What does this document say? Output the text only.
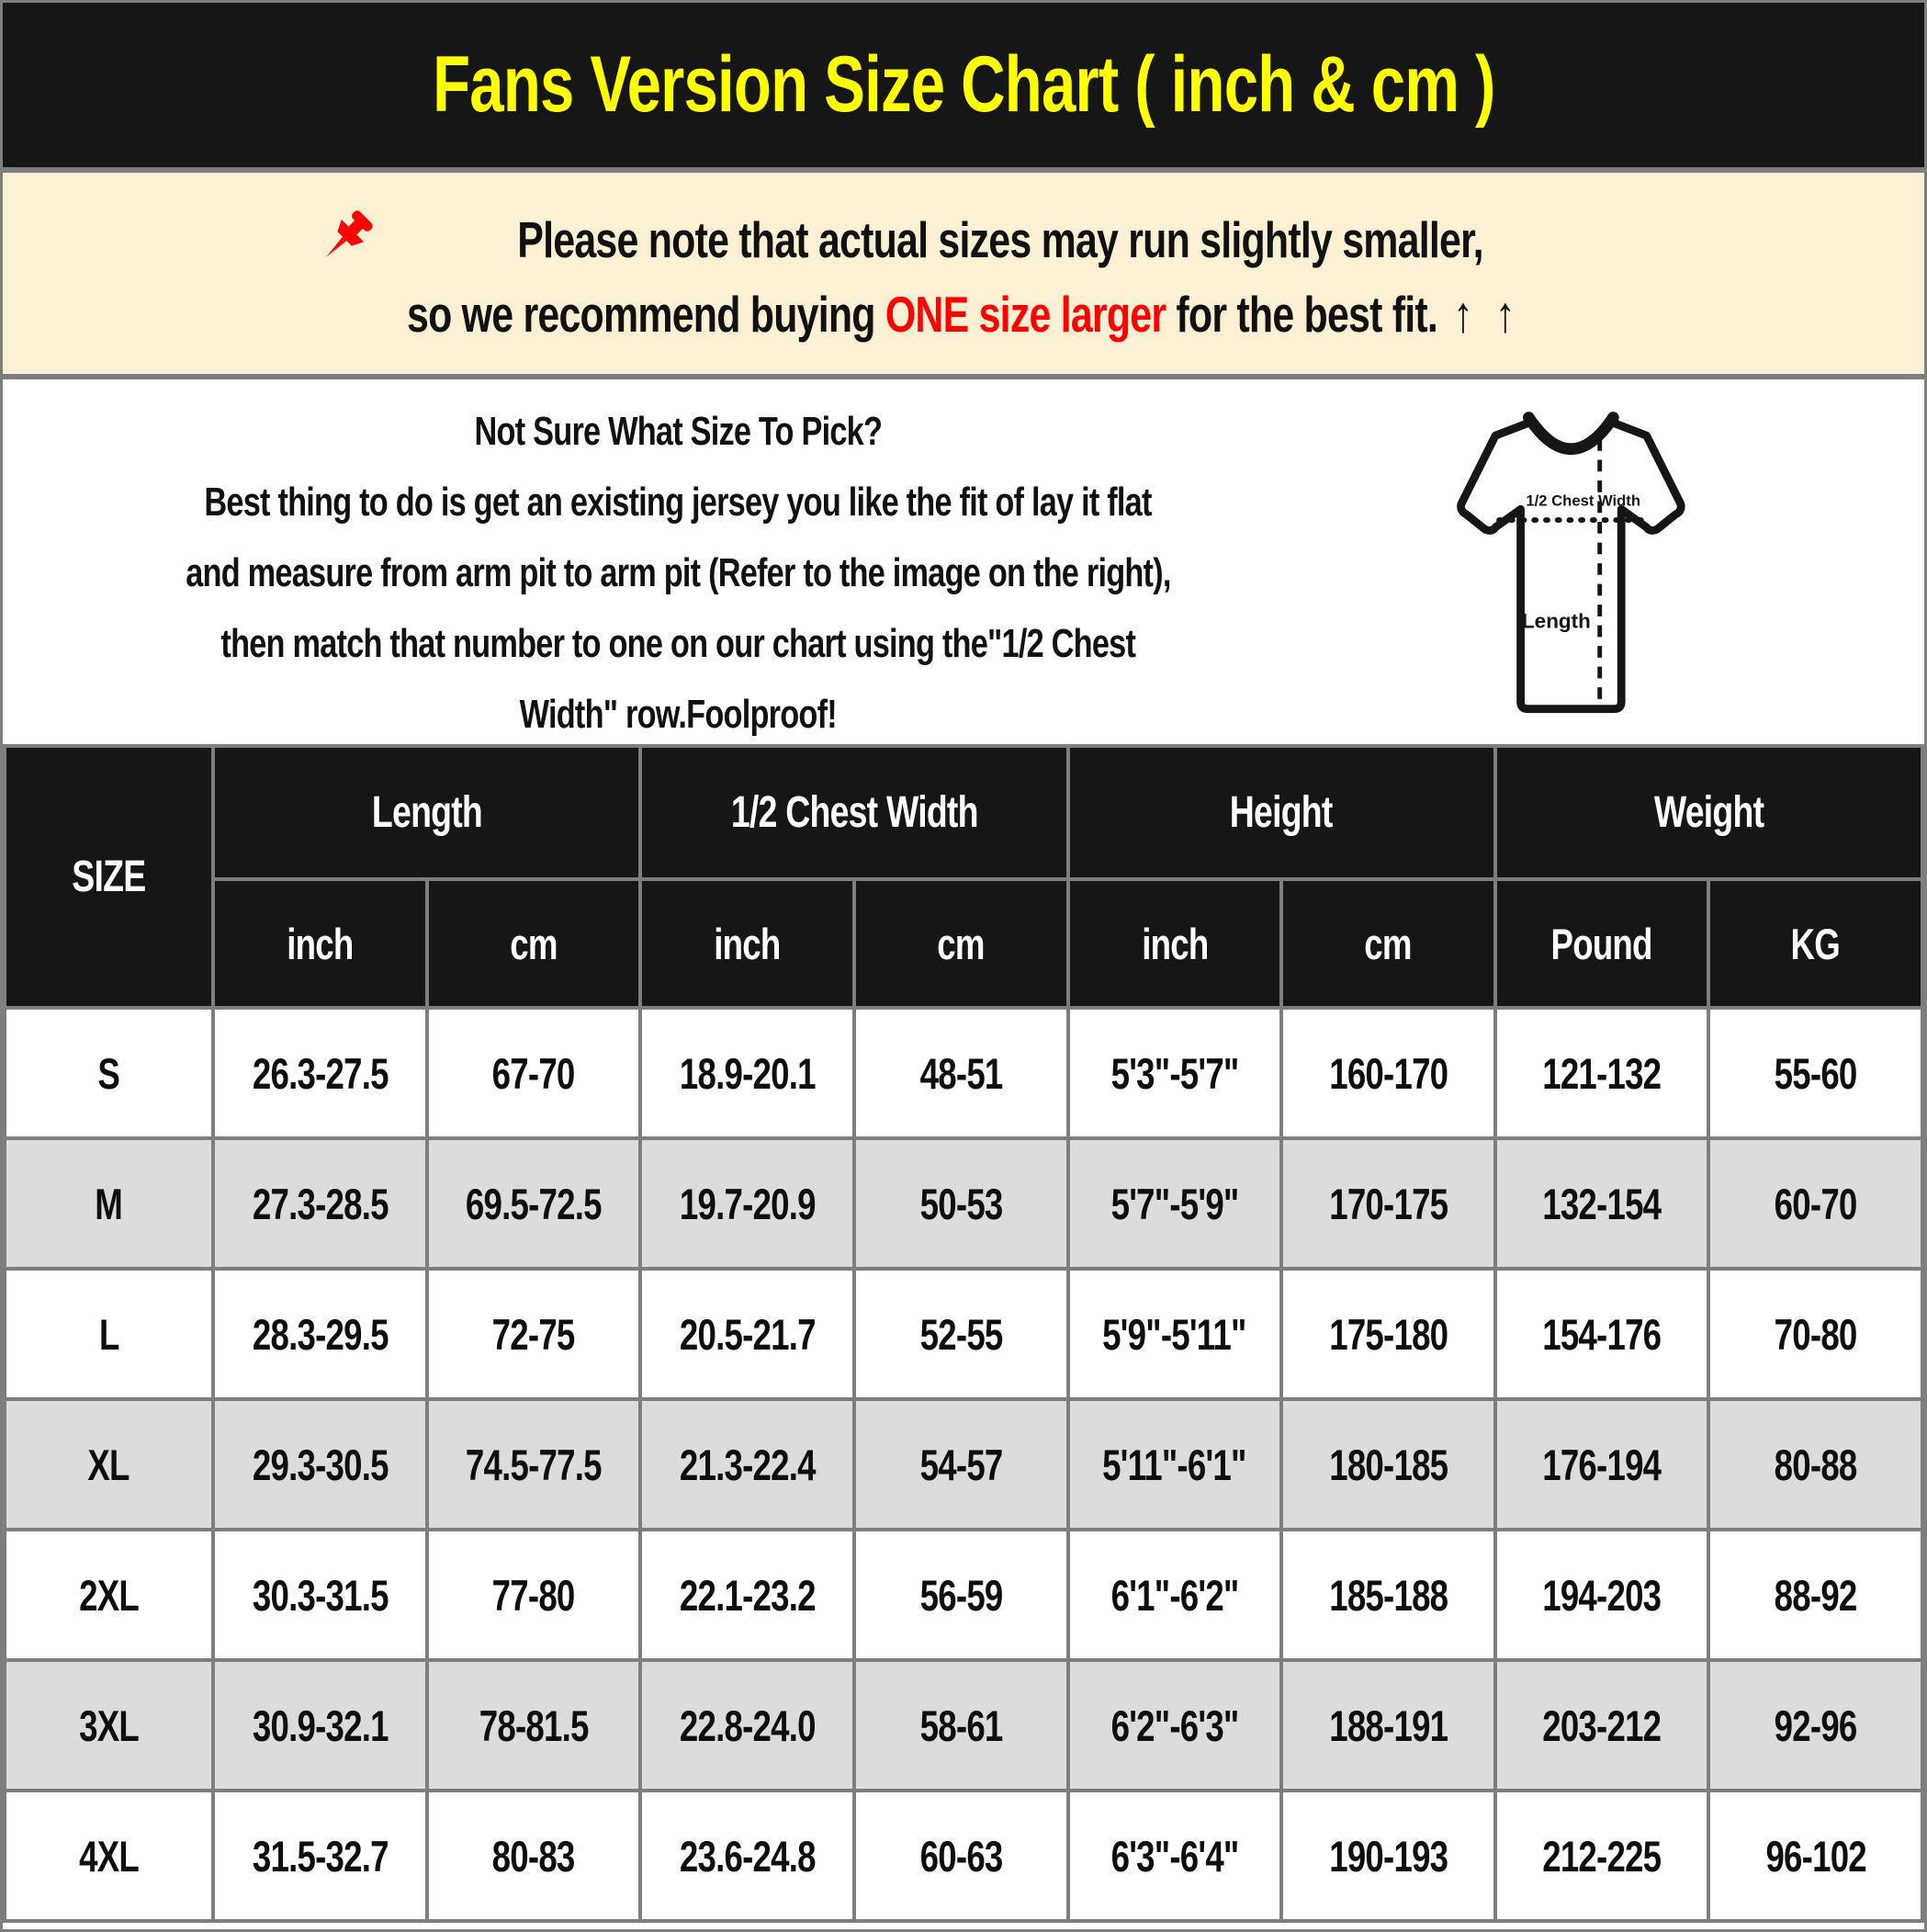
Fans Version Size Chart ( inch & cm )
Please note that actual sizes may run slightly smaller,
so we recommend buying ONE size larger for the best fit. ↑ ↑
Not Sure What Size To Pick?
Best thing to do is get an existing jersey you like the fit of lay it flat
and measure from arm pit to arm pit (Refer to the image on the right),
then match that number to one on our chart using the"1/2 Chest
Width" row.Foolproof!
1/2 Chest Width
Length
SIZE	Length		1/2 Chest Width		Height		Weight	
	inch	cm	inch	cm	inch	cm	Pound	KG
S	26.3-27.5	67-70	18.9-20.1	48-51	5'3"-5'7"	160-170	121-132	55-60
M	27.3-28.5	69.5-72.5	19.7-20.9	50-53	5'7"-5'9"	170-175	132-154	60-70
L	28.3-29.5	72-75	20.5-21.7	52-55	5'9"-5'11"	175-180	154-176	70-80
XL	29.3-30.5	74.5-77.5	21.3-22.4	54-57	5'11"-6'1"	180-185	176-194	80-88
2XL	30.3-31.5	77-80	22.1-23.2	56-59	6'1"-6'2"	185-188	194-203	88-92
3XL	30.9-32.1	78-81.5	22.8-24.0	58-61	6'2"-6'3"	188-191	203-212	92-96
4XL	31.5-32.7	80-83	23.6-24.8	60-63	6'3"-6'4"	190-193	212-225	96-102
